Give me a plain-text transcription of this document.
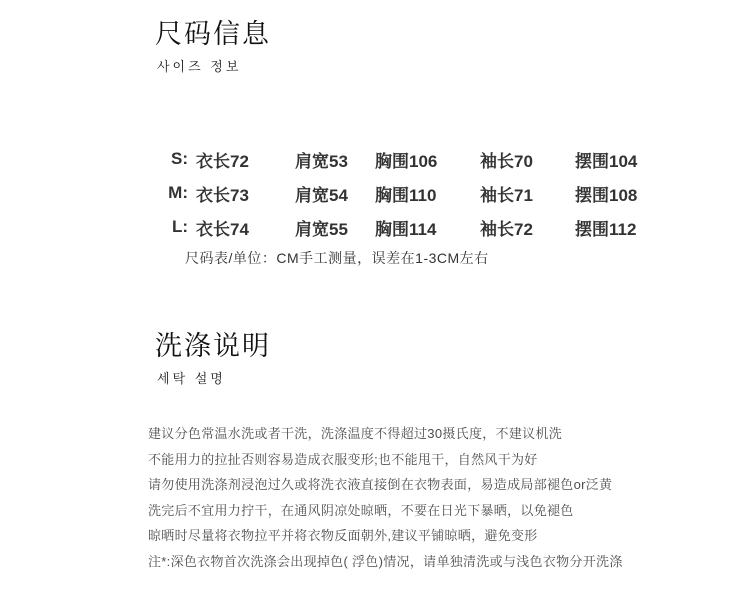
尺码信息
사이즈 정보
S: 衣长72	肩宽53	胸围106	袖长70	摆围104
M: 衣长73	肩宽54	胸围110	袖长71	摆围108
L: 衣长74	肩宽55	胸围114	袖长72	摆围112
尺码表/单位：CM手工测量，误差在1-3CM左右
洗涤说明
세탁 설명
建议分色常温水洗或者干洗，洗涤温度不得超过30摄氏度，不建议机洗
不能用力的拉扯否则容易造成衣服变形;也不能甩干，自然风干为好
请勿使用洗涤剂浸泡过久或将洗衣液直接倒在衣物表面，易造成局部褪色or泛黄
洗完后不宜用力拧干，在通风阴凉处晾晒，不要在日光下暴晒，以免褪色
晾晒时尽量将衣物拉平并将衣物反面朝外,建议平铺晾晒，避免变形
注*:深色衣物首次洗涤会出现掉色( 浮色)情况，请单独清洗或与浅色衣物分开洗涤
